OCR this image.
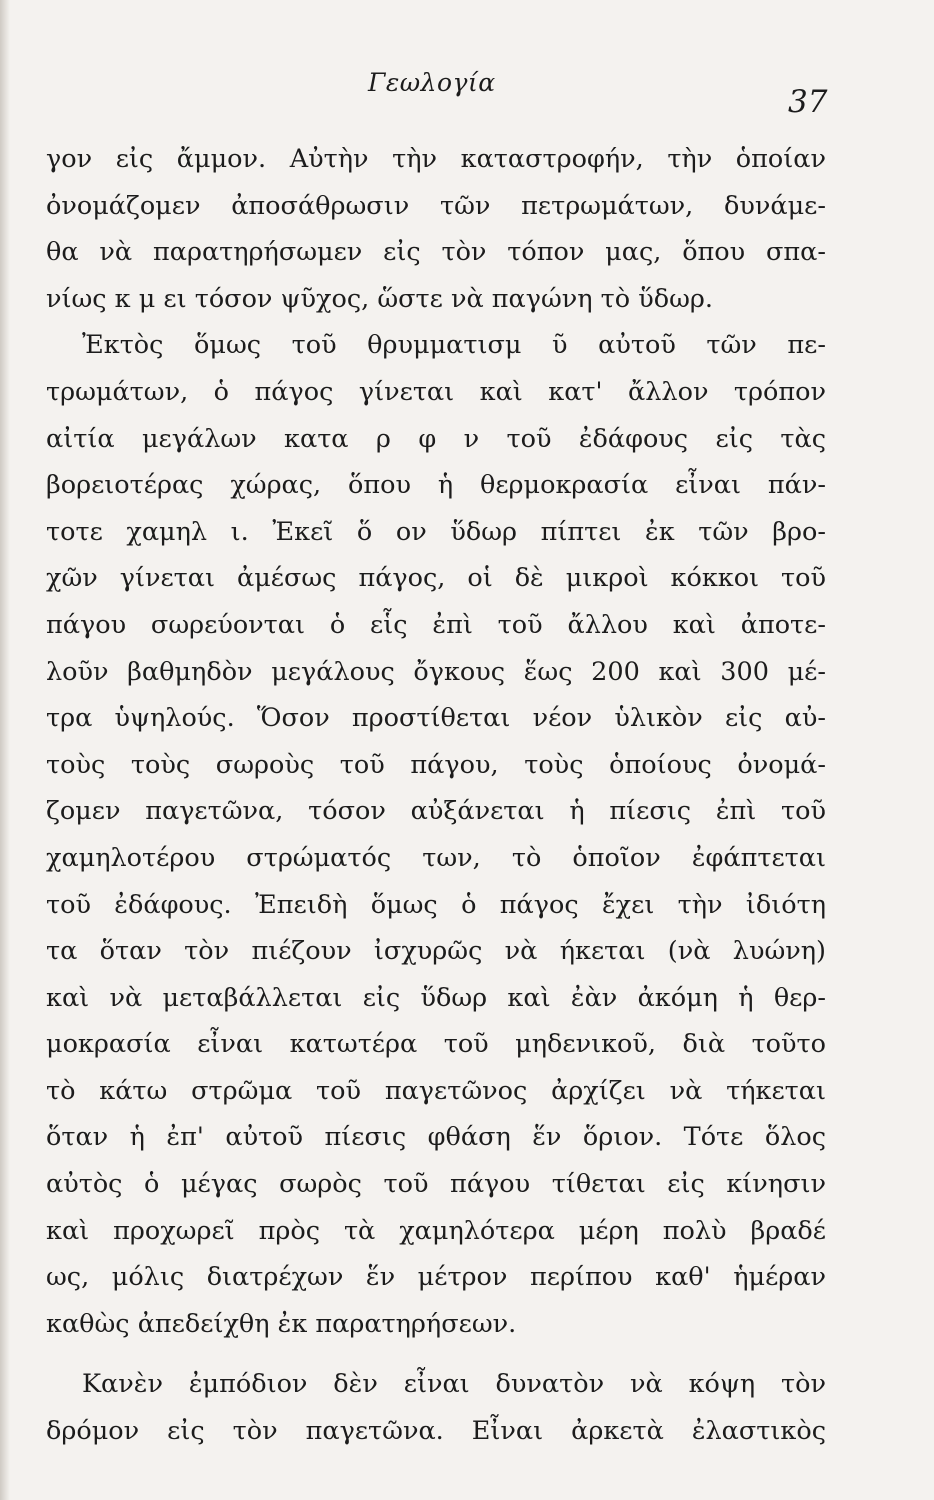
Γεωλογία
37
γον εἰς ἄμμον. Αὐτὴν τὴν καταστροφήν, τὴν ὁποίαν
ὀνομάζομεν ἀποσάθρωσιν τῶν πετρωμάτων, δυνάμε-
θα νὰ παρατηρήσωμεν εἰς τὸν τόπον μας, ὅπου σπα-
νίως κ μ ει τόσον ψῦχος, ὥστε νὰ παγώνη τὸ ὕδωρ.
Ἐκτὸς ὅμως τοῦ θρυμματισμ ῦ αὐτοῦ τῶν πε-
τρωμάτων, ὁ πάγος γίνεται καὶ κατ' ἄλλον τρόπον
αἰτία μεγάλων κατα ρ φ ν τοῦ ἐδάφους εἰς τὰς
βορειοτέρας χώρας, ὅπου ἡ θερμοκρασία εἶναι πάν-
τοτε χαμηλ ι. Ἐκεῖ ὅ ον ὕδωρ πίπτει ἐκ τῶν βρο-
χῶν γίνεται ἀμέσως πάγος, οἱ δὲ μικροὶ κόκκοι τοῦ
πάγου σωρεύονται ὁ εἷς ἐπὶ τοῦ ἄλλου καὶ ἀποτε-
λοῦν βαθμηδὸν μεγάλους ὄγκους ἕως 200 καὶ 300 μέ-
τρα ὑψηλούς. Ὅσον προστίθεται νέον ὑλικὸν εἰς αὐ-
τοὺς τοὺς σωροὺς τοῦ πάγου, τοὺς ὁποίους ὀνομά-
ζομεν παγετῶνα, τόσον αὐξάνεται ἡ πίεσις ἐπὶ τοῦ
χαμηλοτέρου στρώματός των, τὸ ὁποῖον ἐφάπτεται
τοῦ ἐδάφους. Ἐπειδὴ ὅμως ὁ πάγος ἔχει τὴν ἰδιότη
τα ὅταν τὸν πιέζουν ἰσχυρῶς νὰ ήκεται (νὰ λυώνη)
καὶ νὰ μεταβάλλεται εἰς ὕδωρ καὶ ἐὰν ἀκόμη ἡ θερ-
μοκρασία εἶναι κατωτέρα τοῦ μηδενικοῦ, διὰ τοῦτο
τὸ κάτω στρῶμα τοῦ παγετῶνος ἀρχίζει νὰ τήκεται
ὅταν ἡ ἐπ' αὐτοῦ πίεσις φθάση ἕν ὅριον. Τότε ὅλος
αὐτὸς ὁ μέγας σωρὸς τοῦ πάγου τίθεται εἰς κίνησιν
καὶ προχωρεῖ πρὸς τὰ χαμηλότερα μέρη πολὺ βραδέ
ως, μόλις διατρέχων ἕν μέτρον περίπου καθ' ἡμέραν
καθὼς ἀπεδείχθη ἐκ παρατηρήσεων.
Κανὲν ἐμπόδιον δὲν εἶναι δυνατὸν νὰ κόψη τὸν
δρόμον εἰς τὸν παγετῶνα. Εἶναι ἀρκετὰ ἐλαστικὸς
